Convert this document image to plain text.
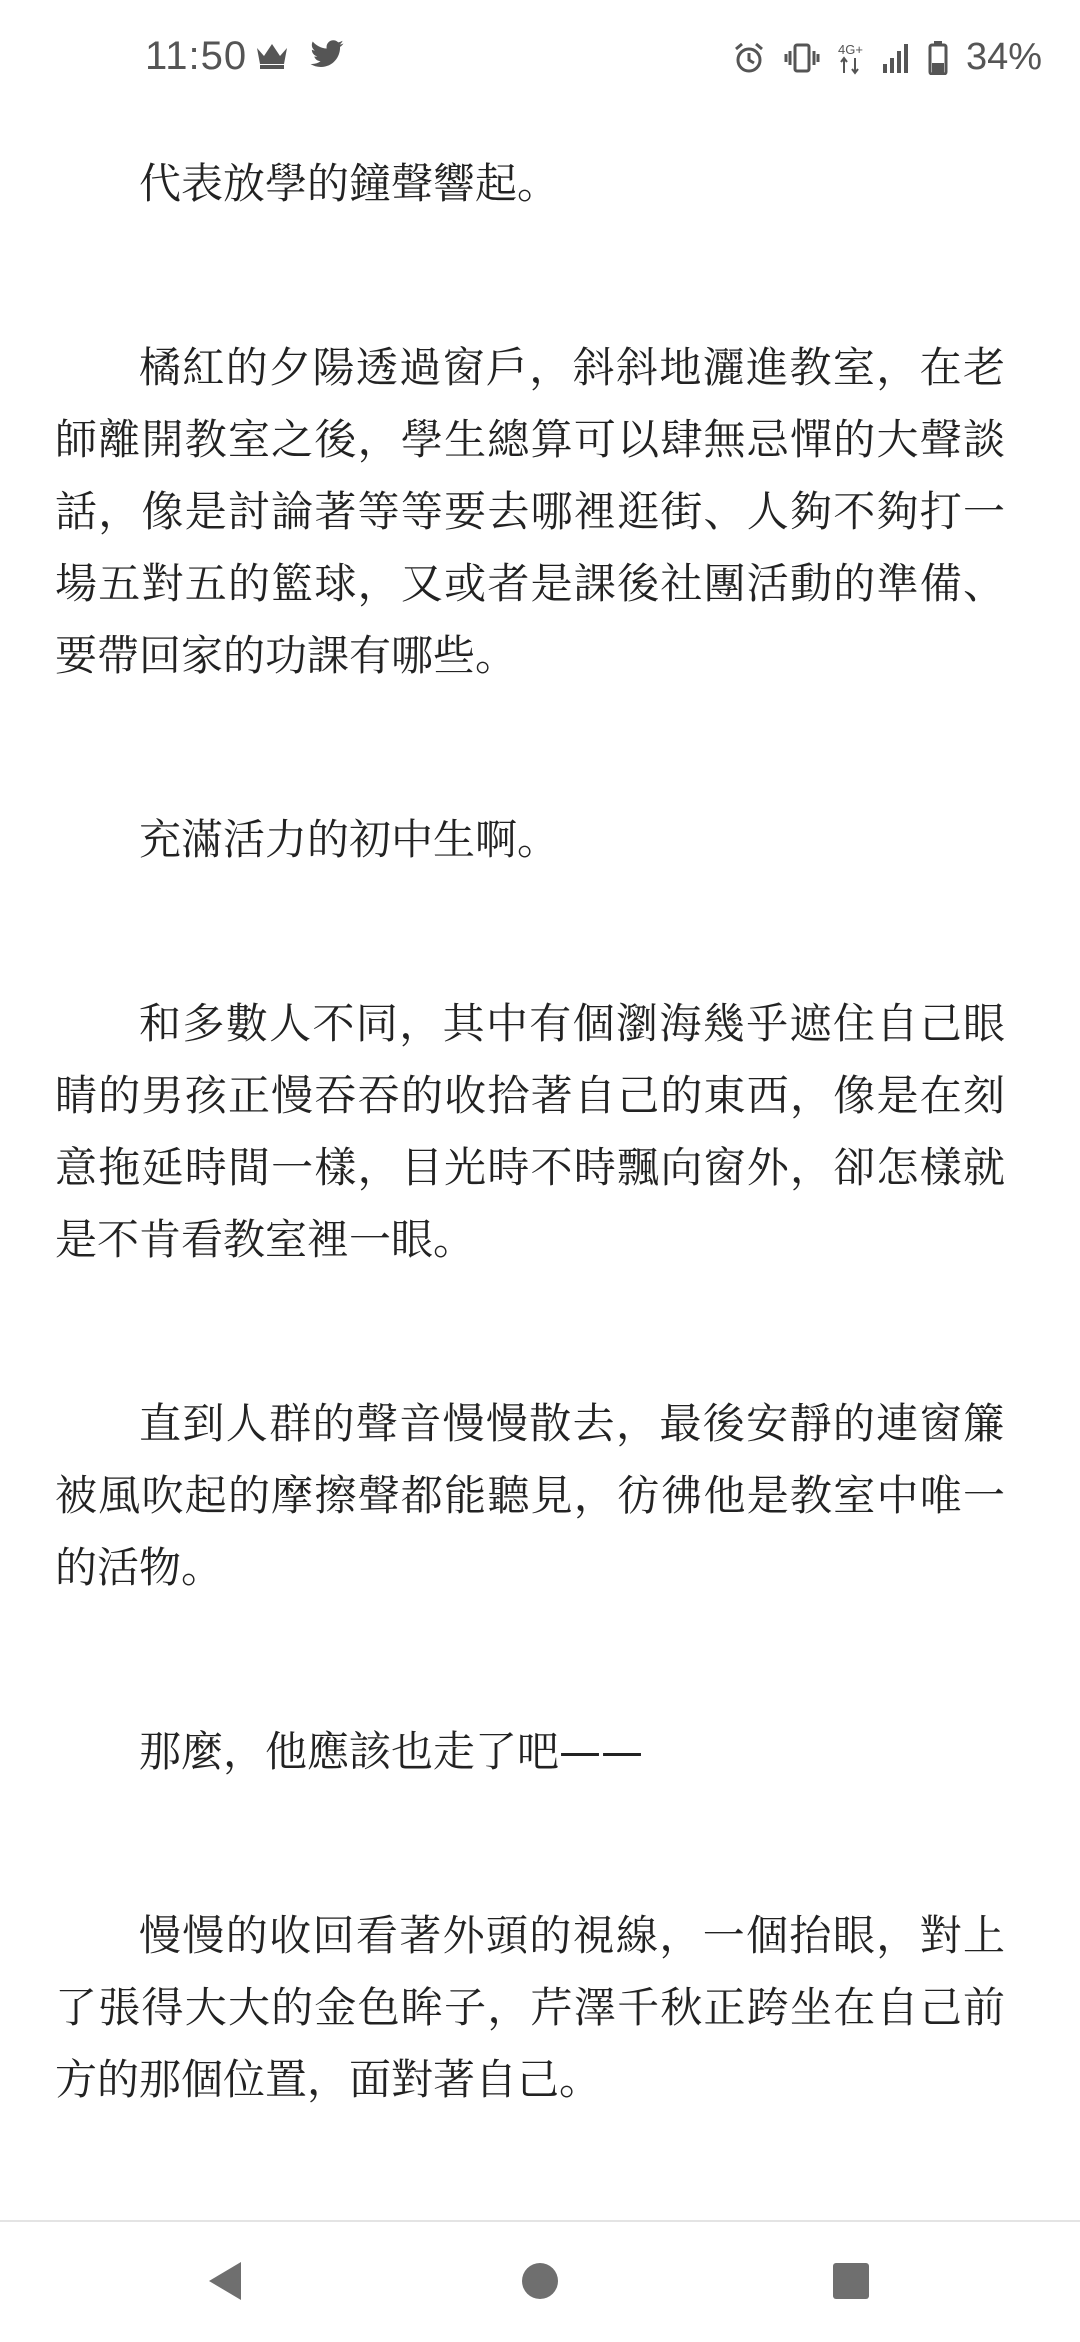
11:50	4G+	34%

代表放學的鐘聲響起。

橘紅的夕陽透過窗戶，斜斜地灑進教室，在老師離開教室之後，學生總算可以肆無忌憚的大聲談話，像是討論著等等要去哪裡逛街、人夠不夠打一場五對五的籃球，又或者是課後社團活動的準備、要帶回家的功課有哪些。

充滿活力的初中生啊。

和多數人不同，其中有個瀏海幾乎遮住自己眼睛的男孩正慢吞吞的收拾著自己的東西，像是在刻意拖延時間一樣，目光時不時飄向窗外，卻怎樣就是不肯看教室裡一眼。

直到人群的聲音慢慢散去，最後安靜的連窗簾被風吹起的摩擦聲都能聽見，彷彿他是教室中唯一的活物。

那麼，他應該也走了吧——

慢慢的收回看著外頭的視線，一個抬眼，對上了張得大大的金色眸子，芹澤千秋正跨坐在自己前方的那個位置，面對著自己。
